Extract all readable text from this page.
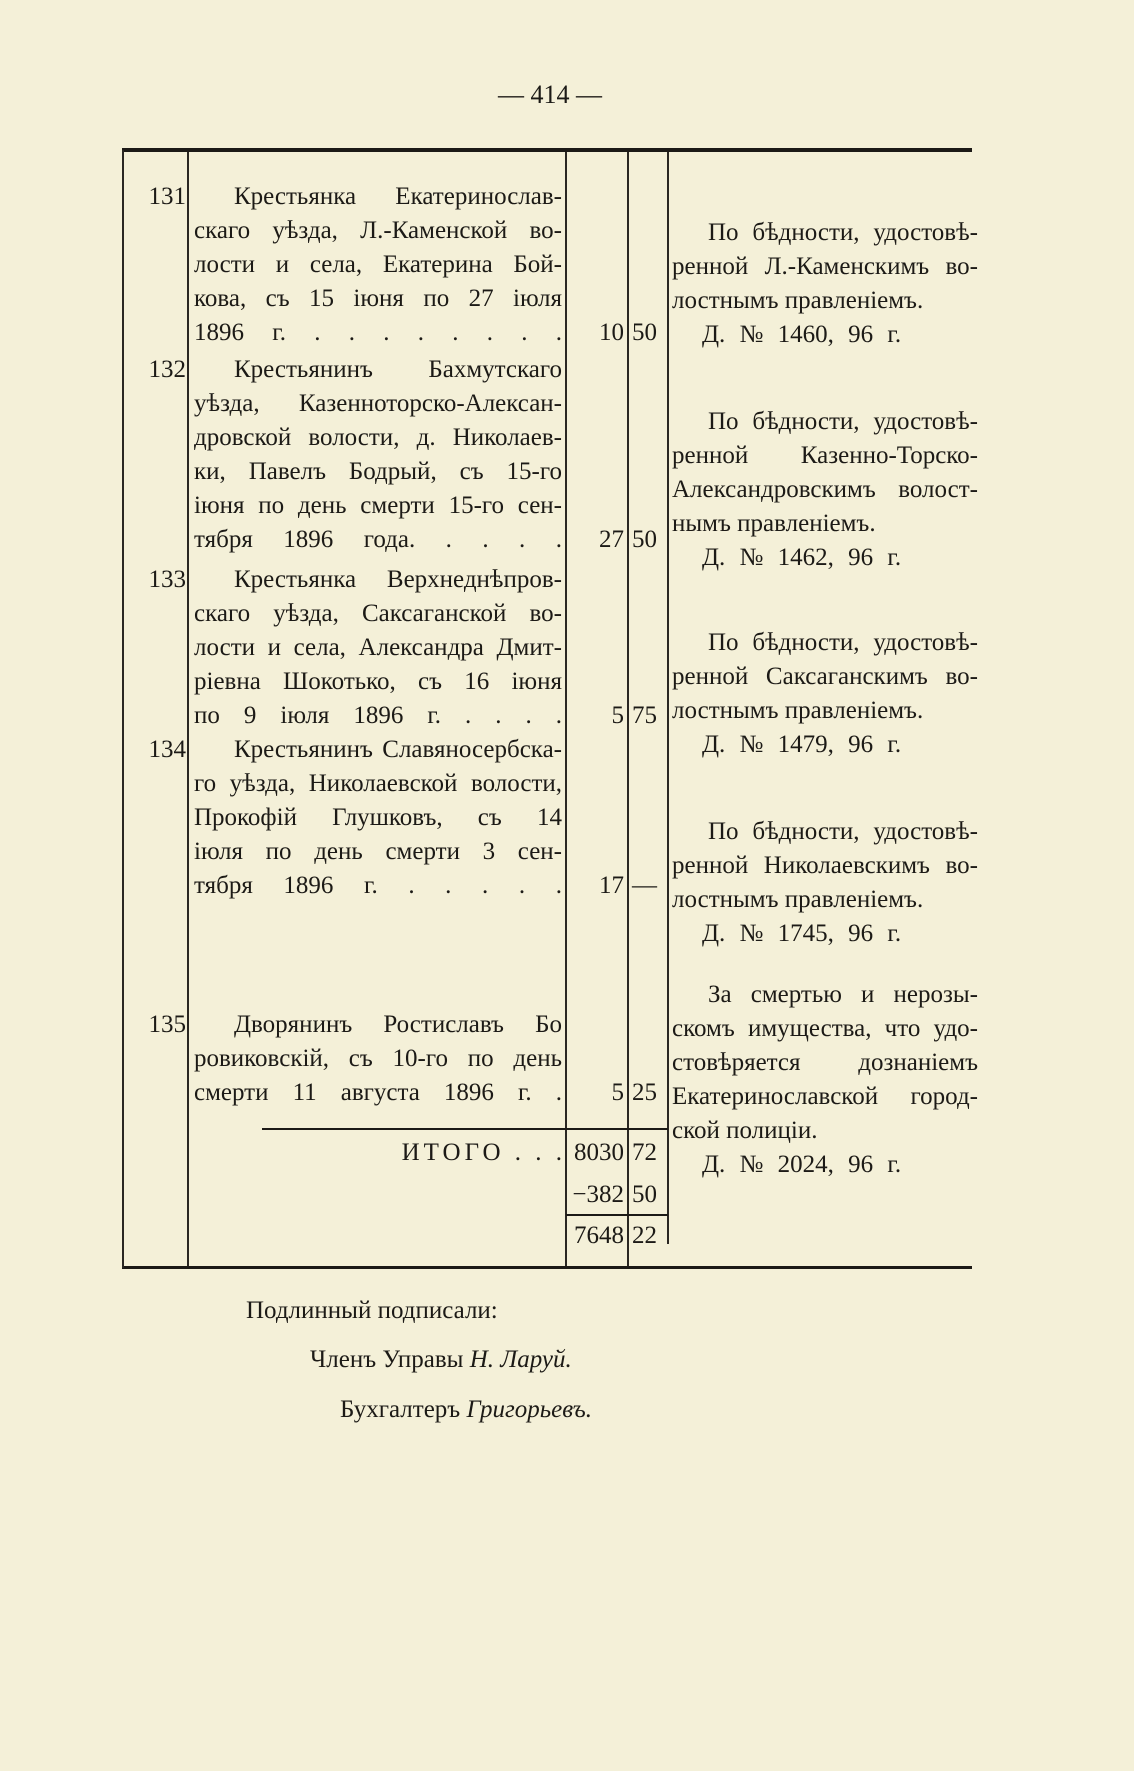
— 414 —
131 Крестьянка Екатеринослав-
скаго уѣзда, Л.-Каменской во-
лости и села, Екатерина Бой-
кова, съ 15 іюня по 27 іюля
1896 г. . . . . . . . .	10 50
По бѣдности, удостовѣ-
ренной Л.-Каменскимъ во-
лостнымъ правленіемъ.
Д. № 1460, 96 г.
132 Крестьянинъ Бахмутскаго
уѣзда, Казенноторско-Алексан-
дровской волости, д. Николаев-
ки, Павелъ Бодрый, съ 15-го
іюня по день смерти 15-го сен-
тября 1896 года. . . . .	27 50
По бѣдности, удостовѣ-
ренной Казенно-Торско-
Александровскимъ волост-
нымъ правленіемъ.
Д. № 1462, 96 г.
133 Крестьянка Верхнеднѣпров-
скаго уѣзда, Саксаганской во-
лости и села, Александра Дмит-
ріевна Шокотько, съ 16 іюня
по 9 іюля 1896 г. . . . .	5 75
По бѣдности, удостовѣ-
ренной Саксаганскимъ во-
лостнымъ правленіемъ.
Д. № 1479, 96 г.
134 Крестьянинъ Славяносербска-
го уѣзда, Николаевской волости,
Прокофій Глушковъ, съ 14
іюля по день смерти 3 сен-
тября 1896 г. . . . . .	17 —
По бѣдности, удостовѣ-
ренной Николаевскимъ во-
лостнымъ правленіемъ.
Д. № 1745, 96 г.
135 Дворянинъ Ростиславъ Бо
ровиковскій, съ 10-го по день
смерти 11 августа 1896 г. .	5 25
За смертью и нерозы-
скомъ имущества, что удо-
стовѣряется дознаніемъ
Екатеринославской город-
ской полиціи.
Д. № 2024, 96 г.
ИТОГО . . . 8030 72
−382 50
7648 22
Подлинный подписали:
Членъ Управы Н. Ларуй.
Бухгалтеръ Григорьевъ.
